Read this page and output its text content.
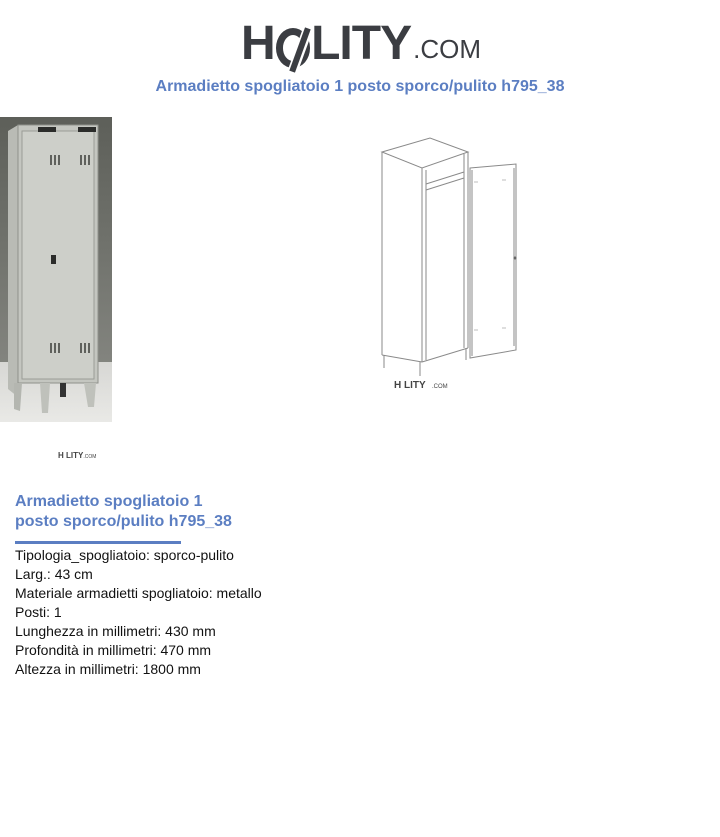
H LITY .COM
Armadietto spogliatoio 1 posto sporco/pulito h795_38
H LITY .COM
H LITY.COM
Armadietto spogliatoio 1
posto sporco/pulito h795_38
Tipologia_spogliatoio: sporco-pulito
Larg.: 43 cm
Materiale armadietti spogliatoio: metallo
Posti: 1
Lunghezza in millimetri: 430 mm
Profondità in millimetri: 470 mm
Altezza in millimetri: 1800 mm
